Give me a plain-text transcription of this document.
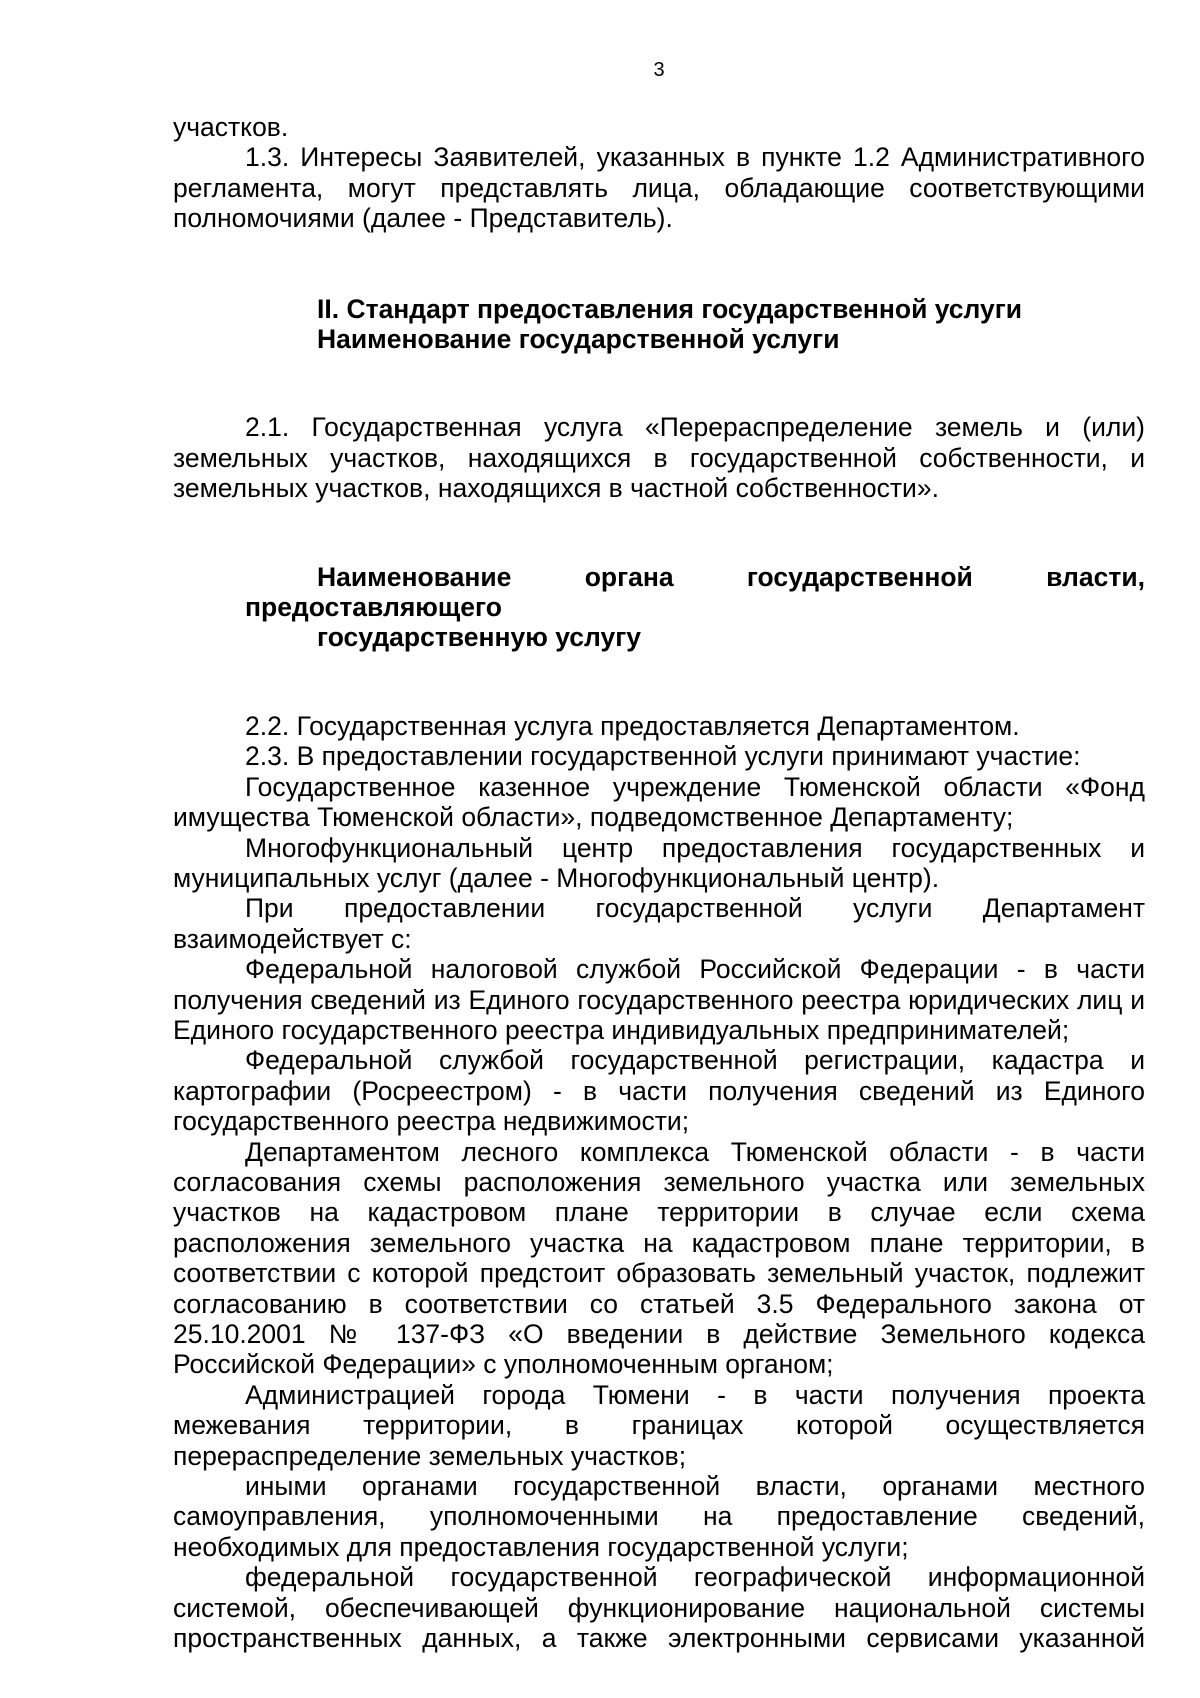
3

участков.

1.3. Интересы Заявителей, указанных в пункте 1.2 Административного регламента, могут представлять лица, обладающие соответствующими полномочиями (далее - Представитель).

II. Стандарт предоставления государственной услуги

Наименование государственной услуги

2.1. Государственная услуга «Перераспределение земель и (или) земельных участков, находящихся в государственной собственности, и земельных участков, находящихся в частной собственности».

Наименование органа государственной власти, предоставляющего

государственную услугу

2.2. Государственная услуга предоставляется Департаментом.

2.3. В предоставлении государственной услуги принимают участие:

Государственное казенное учреждение Тюменской области «Фонд имущества Тюменской области», подведомственное Департаменту;

Многофункциональный центр предоставления государственных и муниципальных услуг (далее - Многофункциональный центр).

При предоставлении государственной услуги Департамент взаимодействует с:

Федеральной налоговой службой Российской Федерации - в части получения сведений из Единого государственного реестра юридических лиц и Единого государственного реестра индивидуальных предпринимателей;

Федеральной службой государственной регистрации, кадастра и картографии (Росреестром) - в части получения сведений из Единого государственного реестра недвижимости;

Департаментом лесного комплекса Тюменской области - в части согласования схемы расположения земельного участка или земельных участков на кадастровом плане территории в случае если схема расположения земельного участка на кадастровом плане территории, в соответствии с которой предстоит образовать земельный участок, подлежит согласованию в соответствии со статьей 3.5 Федерального закона от 25.10.2001 № 137-ФЗ «О введении в действие Земельного кодекса Российской Федерации» с уполномоченным органом;

Администрацией города Тюмени - в части получения проекта межевания территории, в границах которой осуществляется перераспределение земельных участков;

иными органами государственной власти, органами местного самоуправления, уполномоченными на предоставление сведений, необходимых для предоставления государственной услуги;

федеральной государственной географической информационной системой, обеспечивающей функционирование национальной системы пространственных данных, а также электронными сервисами указанной
